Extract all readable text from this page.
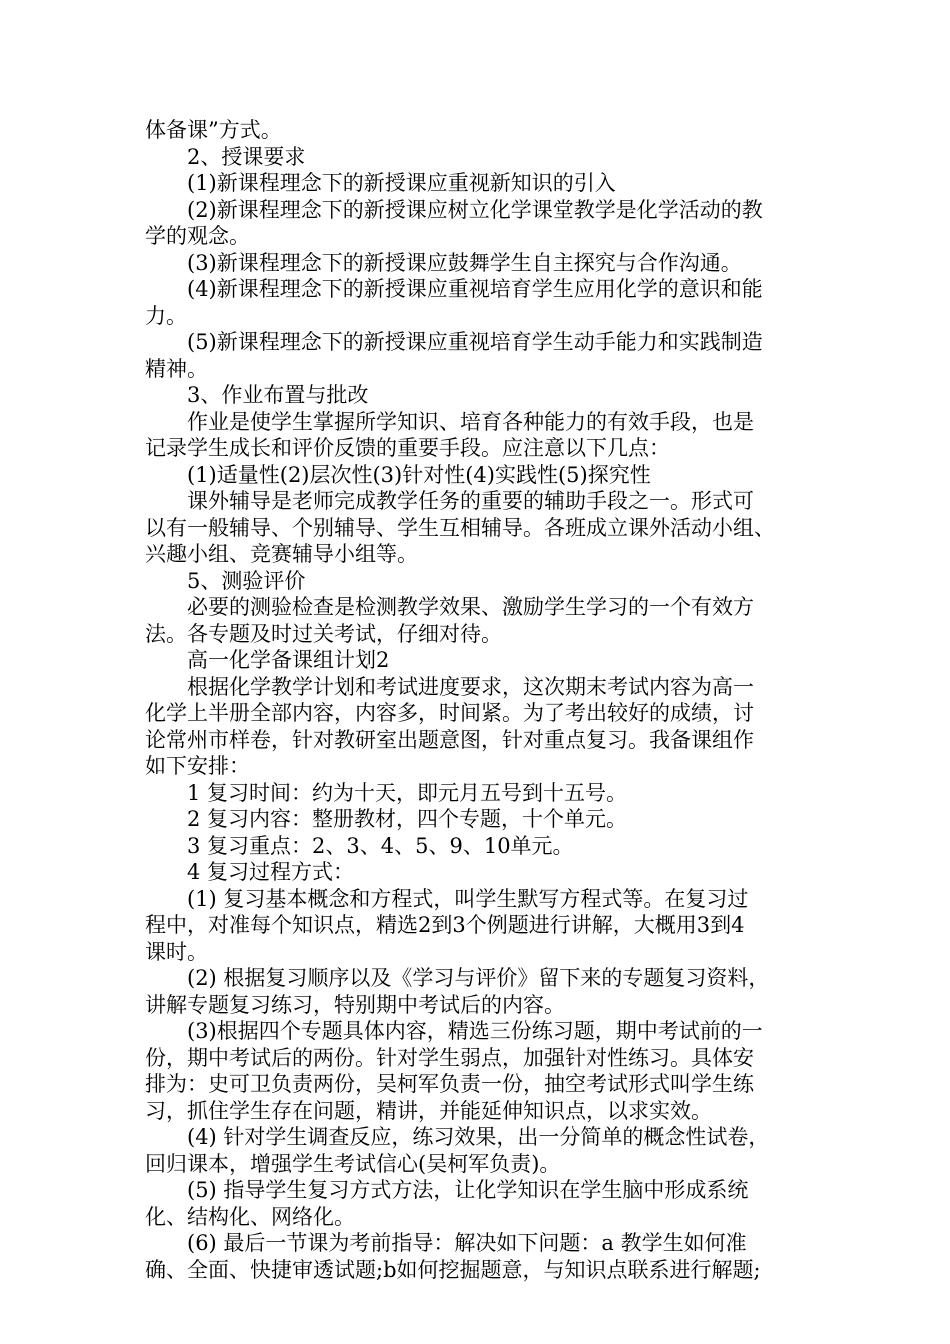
体备课”方式。

2、授课要求

(1)新课程理念下的新授课应重视新知识的引入

(2)新课程理念下的新授课应树立化学课堂教学是化学活动的教

学的观念。

(3)新课程理念下的新授课应鼓舞学生自主探究与合作沟通。

(4)新课程理念下的新授课应重视培育学生应用化学的意识和能

力。

(5)新课程理念下的新授课应重视培育学生动手能力和实践制造

精神。

3、作业布置与批改

作业是使学生掌握所学知识、培育各种能力的有效手段，也是

记录学生成长和评价反馈的重要手段。应注意以下几点：

(1)适量性(2)层次性(3)针对性(4)实践性(5)探究性

课外辅导是老师完成教学任务的重要的辅助手段之一。形式可

以有一般辅导、个别辅导、学生互相辅导。各班成立课外活动小组、

兴趣小组、竞赛辅导小组等。

5、测验评价

必要的测验检查是检测教学效果、激励学生学习的一个有效方

法。各专题及时过关考试，仔细对待。

高一化学备课组计划2

根据化学教学计划和考试进度要求，这次期末考试内容为高一

化学上半册全部内容，内容多，时间紧。为了考出较好的成绩，讨

论常州市样卷，针对教研室出题意图，针对重点复习。我备课组作

如下安排：

1 复习时间：约为十天，即元月五号到十五号。

2 复习内容：整册教材，四个专题，十个单元。

3 复习重点：2、3、4、5、9、10单元。

4 复习过程方式：

(1) 复习基本概念和方程式，叫学生默写方程式等。在复习过

程中，对准每个知识点，精选2到3个例题进行讲解，大概用3到4

课时。

(2) 根据复习顺序以及《学习与评价》留下来的专题复习资料，

讲解专题复习练习，特别期中考试后的内容。

(3)根据四个专题具体内容，精选三份练习题，期中考试前的一

份，期中考试后的两份。针对学生弱点，加强针对性练习。具体安

排为：史可卫负责两份，吴柯军负责一份，抽空考试形式叫学生练

习，抓住学生存在问题，精讲，并能延伸知识点，以求实效。

(4) 针对学生调查反应，练习效果，出一分简单的概念性试卷，

回归课本，增强学生考试信心(吴柯军负责)。

(5) 指导学生复习方式方法，让化学知识在学生脑中形成系统

化、结构化、网络化。

(6) 最后一节课为考前指导：解决如下问题：a 教学生如何准

确、全面、快捷审透试题;b如何挖掘题意，与知识点联系进行解题;
